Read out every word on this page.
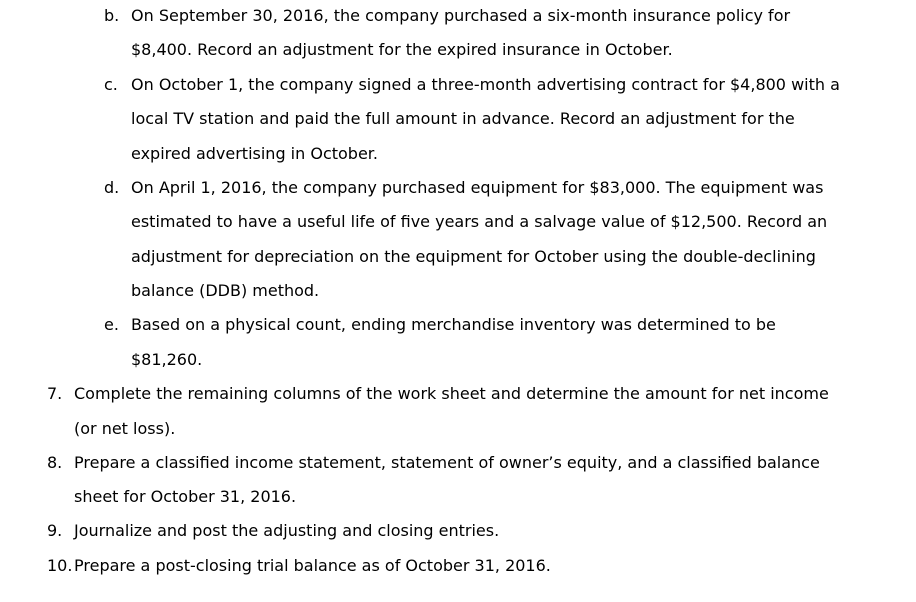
b. On September 30, 2016, the company purchased a six-month insurance policy for
$8,400. Record an adjustment for the expired insurance in October.
c. On October 1, the company signed a three-month advertising contract for $4,800 with a
local TV station and paid the full amount in advance. Record an adjustment for the
expired advertising in October.
d. On April 1, 2016, the company purchased equipment for $83,000. The equipment was
estimated to have a useful life of five years and a salvage value of $12,500. Record an
adjustment for depreciation on the equipment for October using the double-declining
balance (DDB) method.
e. Based on a physical count, ending merchandise inventory was determined to be
$81,260.
7. Complete the remaining columns of the work sheet and determine the amount for net income
(or net loss).
8. Prepare a classified income statement, statement of owner’s equity, and a classified balance
sheet for October 31, 2016.
9. Journalize and post the adjusting and closing entries.
10. Prepare a post-closing trial balance as of October 31, 2016.
